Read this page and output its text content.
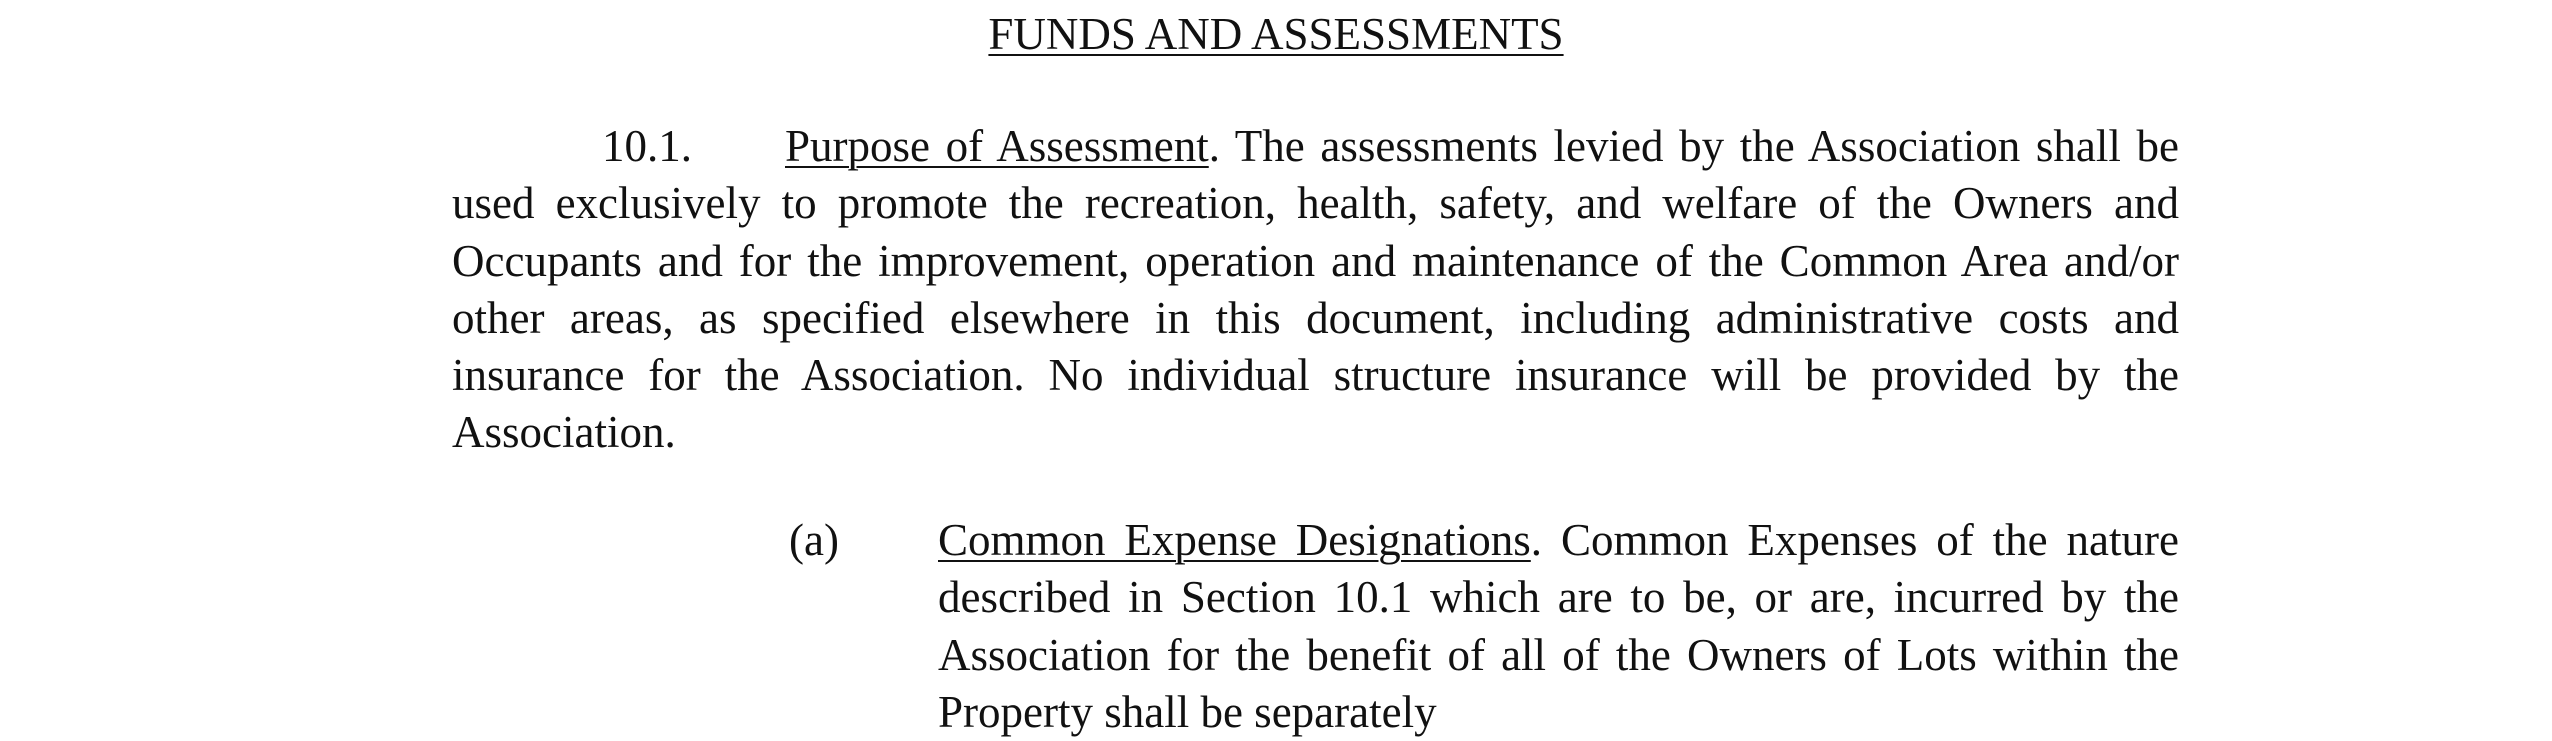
FUNDS AND ASSESSMENTS

10.1. Purpose of Assessment. The assessments levied by the Association shall be used exclusively to promote the recreation, health, safety, and welfare of the Owners and Occupants and for the improvement, operation and maintenance of the Common Area and/or other areas, as specified elsewhere in this document, including administrative costs and insurance for the Association. No individual structure insurance will be provided by the Association.

(a) Common Expense Designations. Common Expenses of the nature described in Section 10.1 which are to be, or are, incurred by the Association for the benefit of all of the Owners of Lots within the Property shall be separately
